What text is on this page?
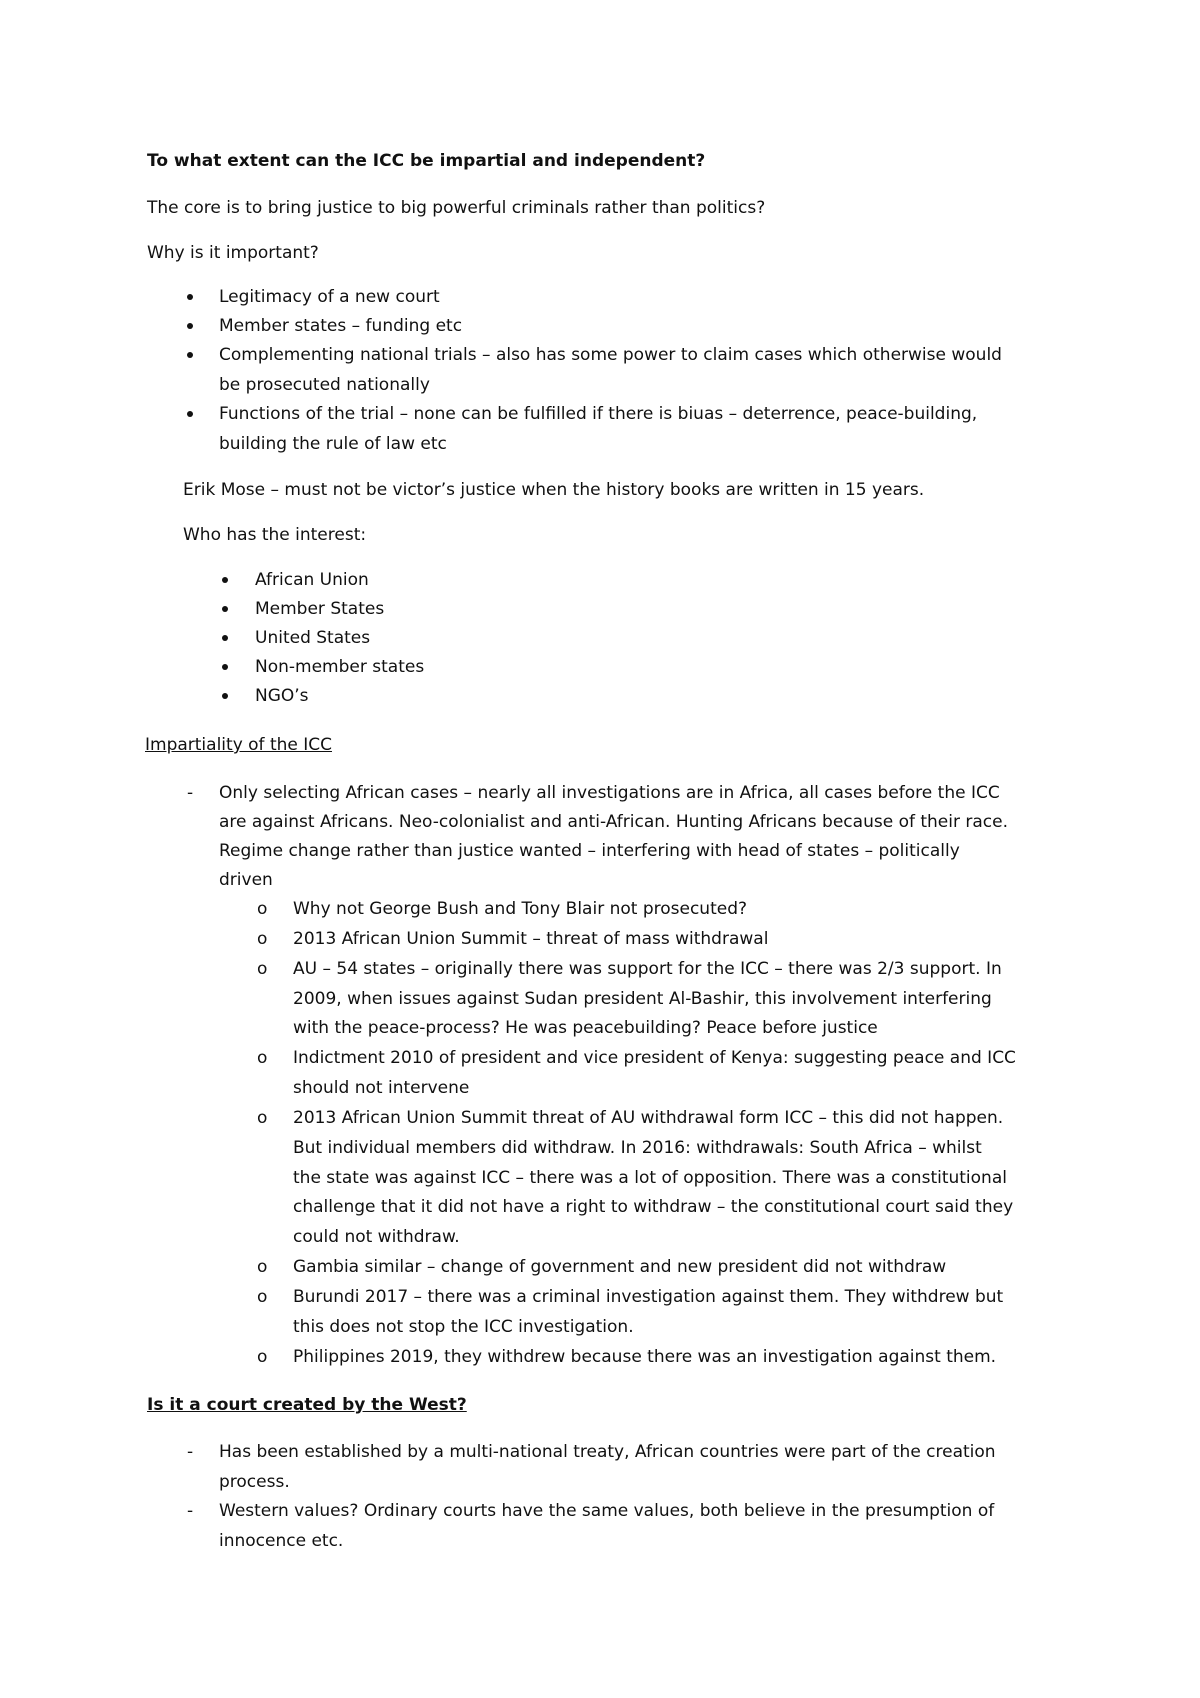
To what extent can the ICC be impartial and independent?
The core is to bring justice to big powerful criminals rather than politics?
Why is it important?
Legitimacy of a new court
Member states – funding etc
Complementing national trials – also has some power to claim cases which otherwise would
be prosecuted nationally
Functions of the trial – none can be fulfilled if there is biuas – deterrence, peace-building,
building the rule of law etc
Erik Mose – must not be victor’s justice when the history books are written in 15 years.
Who has the interest:
African Union
Member States
United States
Non-member states
NGO’s
Impartiality of the ICC
- Only selecting African cases – nearly all investigations are in Africa, all cases before the ICC
are against Africans. Neo-colonialist and anti-African. Hunting Africans because of their race.
Regime change rather than justice wanted – interfering with head of states – politically
driven
o Why not George Bush and Tony Blair not prosecuted?
o 2013 African Union Summit – threat of mass withdrawal
o AU – 54 states – originally there was support for the ICC – there was 2/3 support. In
2009, when issues against Sudan president Al-Bashir, this involvement interfering
with the peace-process? He was peacebuilding? Peace before justice
o Indictment 2010 of president and vice president of Kenya: suggesting peace and ICC
should not intervene
o 2013 African Union Summit threat of AU withdrawal form ICC – this did not happen.
But individual members did withdraw. In 2016: withdrawals: South Africa – whilst
the state was against ICC – there was a lot of opposition. There was a constitutional
challenge that it did not have a right to withdraw – the constitutional court said they
could not withdraw.
o Gambia similar – change of government and new president did not withdraw
o Burundi 2017 – there was a criminal investigation against them. They withdrew but
this does not stop the ICC investigation.
o Philippines 2019, they withdrew because there was an investigation against them.
Is it a court created by the West?
- Has been established by a multi-national treaty, African countries were part of the creation
process.
- Western values? Ordinary courts have the same values, both believe in the presumption of
innocence etc.
